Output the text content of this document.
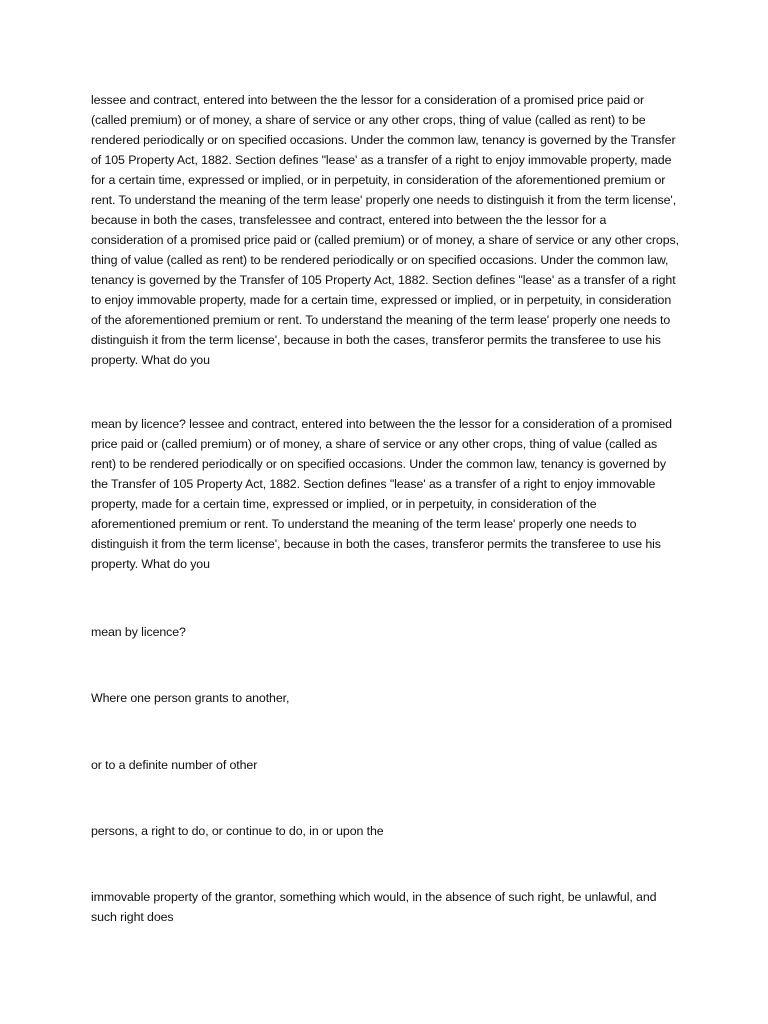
lessee and contract, entered into between the the lessor for a consideration of a promised price paid or (called premium) or of money, a share of service or any other crops, thing of value (called as rent) to be rendered periodically or on specified occasions. Under the common law, tenancy is governed by the Transfer of 105 Property Act, 1882. Section defines "lease' as a transfer of a right to enjoy immovable property, made for a certain time, expressed or implied, or in perpetuity, in consideration of the aforementioned premium or rent. To understand the meaning of the term lease' properly one needs to distinguish it from the term license', because in both the cases, transfelessee and contract, entered into between the the lessor for a consideration of a promised price paid or (called premium) or of money, a share of service or any other crops, thing of value (called as rent) to be rendered periodically or on specified occasions. Under the common law, tenancy is governed by the Transfer of 105 Property Act, 1882. Section defines "lease' as a transfer of a right to enjoy immovable property, made for a certain time, expressed or implied, or in perpetuity, in consideration of the aforementioned premium or rent. To understand the meaning of the term lease' properly one needs to distinguish it from the term license', because in both the cases, transferor permits the transferee to use his property. What do you

mean by licence? lessee and contract, entered into between the the lessor for a consideration of a promised price paid or (called premium) or of money, a share of service or any other crops, thing of value (called as rent) to be rendered periodically or on specified occasions. Under the common law, tenancy is governed by the Transfer of 105 Property Act, 1882. Section defines "lease' as a transfer of a right to enjoy immovable property, made for a certain time, expressed or implied, or in perpetuity, in consideration of the aforementioned premium or rent. To understand the meaning of the term lease' properly one needs to distinguish it from the term license', because in both the cases, transferor permits the transferee to use his property. What do you

mean by licence?

Where one person grants to another,

or to a definite number of other

persons, a right to do, or continue to do, in or upon the

immovable property of the grantor, something which would, in the absence of such right, be unlawful, and such right does
